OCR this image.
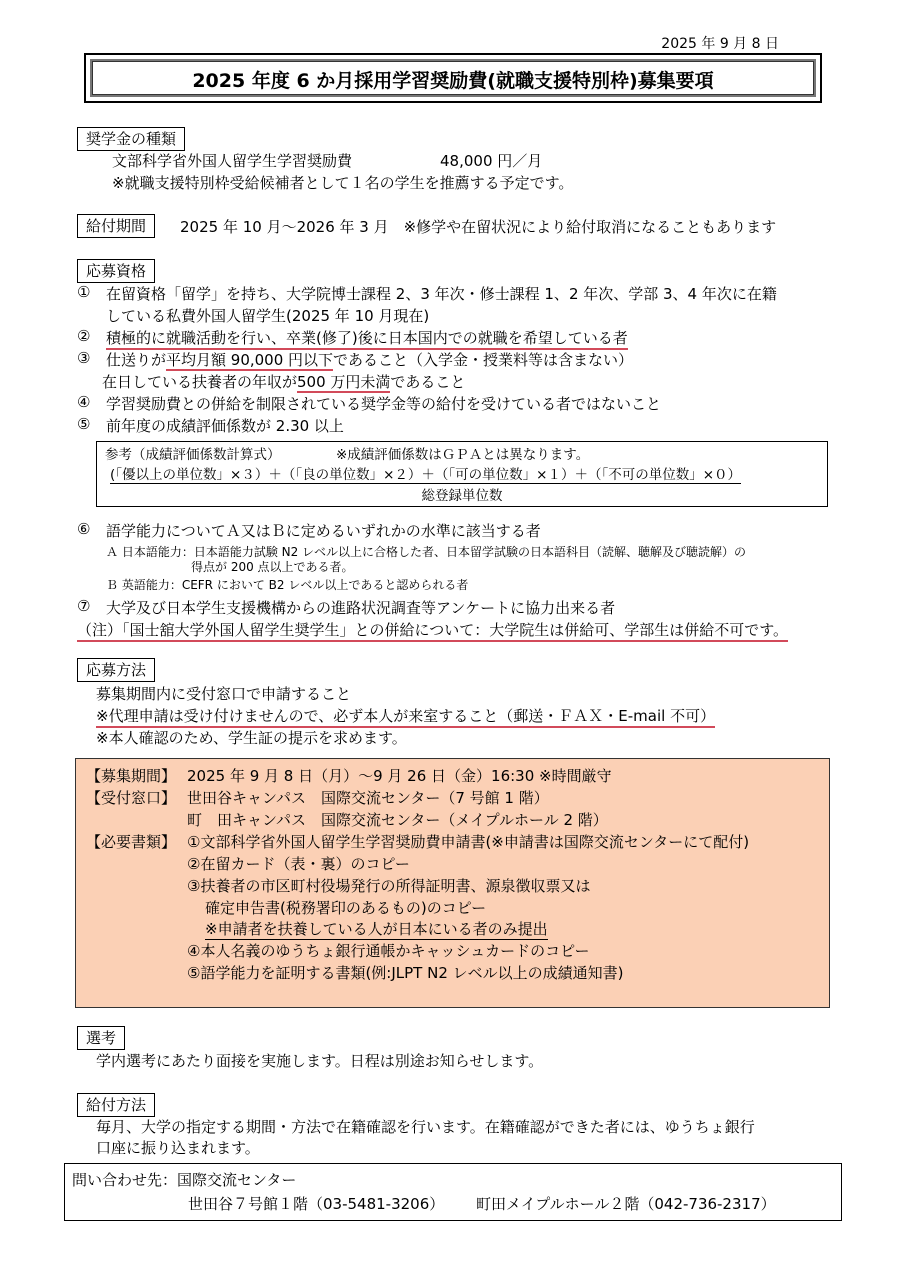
2025 年 9 月 8 日
2025 年度 6 か月採用学習奨励費(就職支援特別枠)募集要項
奨学金の種類
文部科学省外国人留学生学習奨励費	48,000 円／月
※就職支援特別枠受給候補者として１名の学生を推薦する予定です。
給付期間	2025 年 10 月～2026 年 3 月　※修学や在留状況により給付取消になることもあります
応募資格
① 在留資格「留学」を持ち、大学院博士課程 2、3 年次・修士課程 1、2 年次、学部 3、4 年次に在籍
している私費外国人留学生(2025 年 10 月現在)
② 積極的に就職活動を行い、卒業(修了)後に日本国内での就職を希望している者
③ 仕送りが平均月額 90,000 円以下であること（入学金・授業料等は含まない）
在日している扶養者の年収が500 万円未満であること
④ 学習奨励費との併給を制限されている奨学金等の給付を受けている者ではないこと
⑤ 前年度の成績評価係数が 2.30 以上
参考（成績評価係数計算式）	※成績評価係数はＧＰＡとは異なります。
(「優以上の単位数」×３）＋（「良の単位数」×２）＋（「可の単位数」×１）＋（「不可の単位数」×０）
総登録単位数
⑥ 語学能力についてＡ又はＢに定めるいずれかの水準に該当する者
Ａ 日本語能力：日本語能力試験 N2 レベル以上に合格した者、日本留学試験の日本語科目（読解、聴解及び聴読解）の
得点が 200 点以上である者。
Ｂ 英語能力：CEFR において B2 レベル以上であると認められる者
⑦ 大学及び日本学生支援機構からの進路状況調査等アンケートに協力出来る者
（注）「国士舘大学外国人留学生奨学生」との併給について：大学院生は併給可、学部生は併給不可です。
応募方法
募集期間内に受付窓口で申請すること
※代理申請は受け付けませんので、必ず本人が来室すること（郵送・ＦＡＸ・E-mail 不可）
※本人確認のため、学生証の提示を求めます。
【募集期間】 2025 年 9 月 8 日（月）～9 月 26 日（金）16:30 ※時間厳守
【受付窓口】 世田谷キャンパス　国際交流センター（7 号館 1 階）
町　田キャンパス　国際交流センター（メイプルホール 2 階）
【必要書類】 ①文部科学省外国人留学生学習奨励費申請書(※申請書は国際交流センターにて配付)
②在留カード（表・裏）のコピー
③扶養者の市区町村役場発行の所得証明書、源泉徴収票又は
確定申告書(税務署印のあるもの)のコピー
※申請者を扶養している人が日本にいる者のみ提出
④本人名義のゆうちょ銀行通帳かキャッシュカードのコピー
⑤語学能力を証明する書類(例:JLPT N2 レベル以上の成績通知書)
選考
学内選考にあたり面接を実施します。日程は別途お知らせします。
給付方法
毎月、大学の指定する期間・方法で在籍確認を行います。在籍確認ができた者には、ゆうちょ銀行
口座に振り込まれます。
問い合わせ先：国際交流センター
世田谷７号館１階（03-5481-3206） 町田メイプルホール２階（042-736-2317）
